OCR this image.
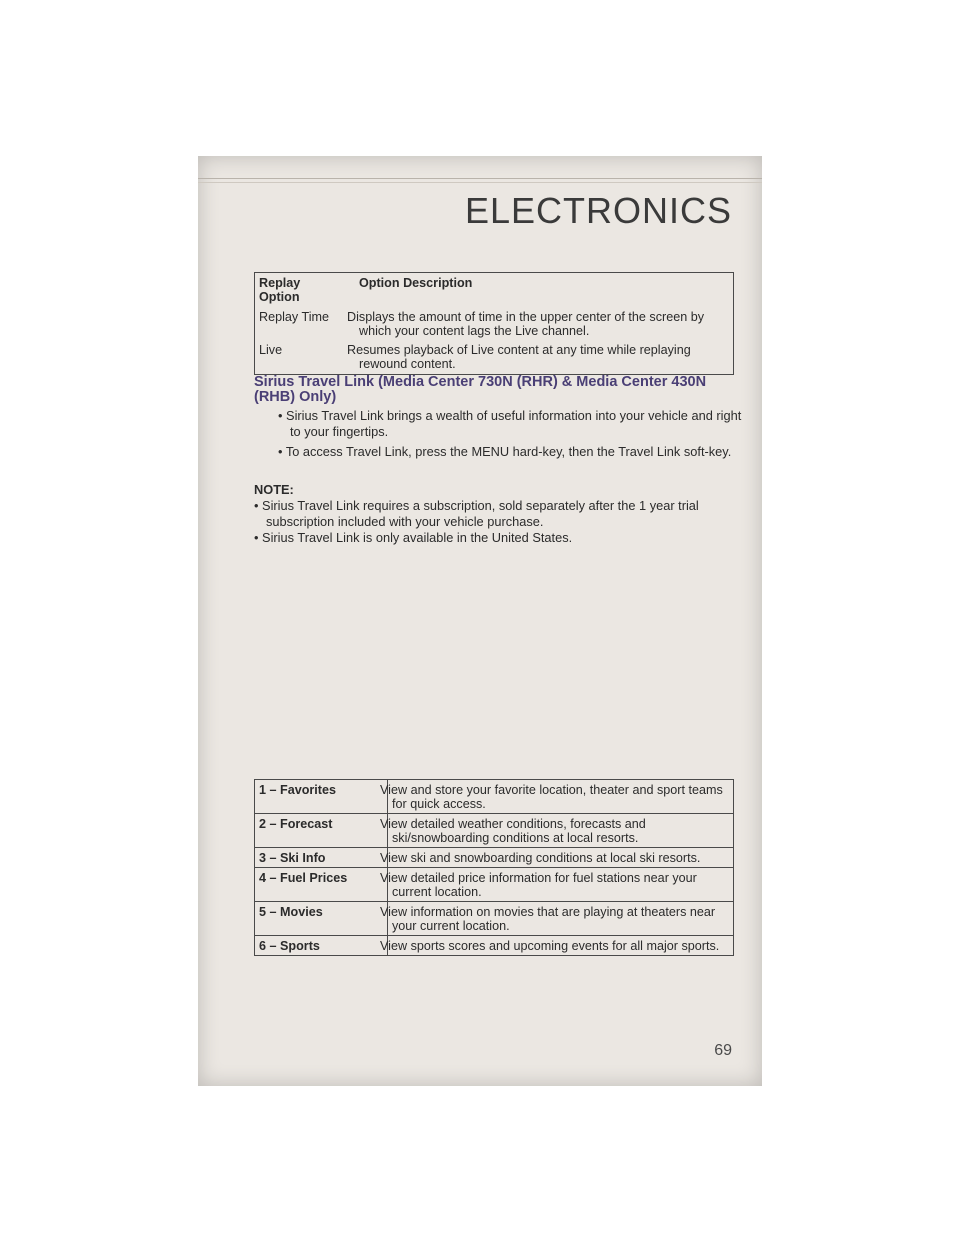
ELECTRONICS
Replay
Option	Option Description
Replay Time	Displays the amount of time in the upper center of the screen by which your content lags the Live channel.
Live	Resumes playback of Live content at any time while replaying rewound content.
Sirius Travel Link (Media Center 730N (RHR) & Media Center 430N (RHB) Only)
• Sirius Travel Link brings a wealth of useful information into your vehicle and right to your fingertips.
• To access Travel Link, press the MENU hard-key, then the Travel Link soft-key.
NOTE:
• Sirius Travel Link requires a subscription, sold separately after the 1 year trial subscription included with your vehicle purchase.
• Sirius Travel Link is only available in the United States.
1 – Favorites	View and store your favorite location, theater and sport teams for quick access.
2 – Forecast	View detailed weather conditions, forecasts and ski/snowboarding conditions at local resorts.
3 – Ski Info	View ski and snowboarding conditions at local ski resorts.
4 – Fuel Prices	View detailed price information for fuel stations near your current location.
5 – Movies	View information on movies that are playing at theaters near your current location.
6 – Sports	View sports scores and upcoming events for all major sports.
69
